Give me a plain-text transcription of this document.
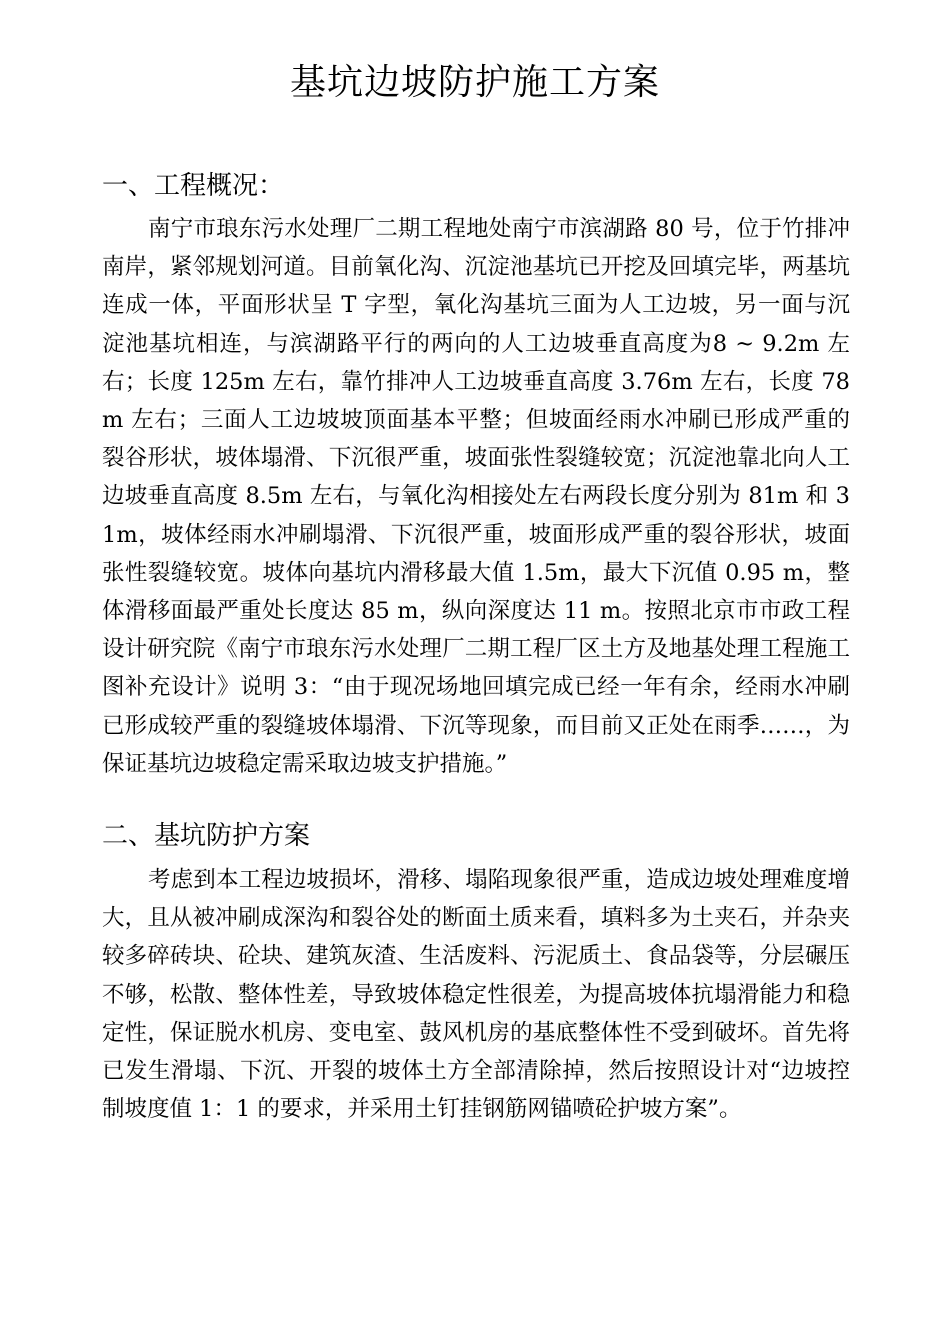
基坑边坡防护施工方案
一、工程概况：

南宁市琅东污水处理厂二期工程地处南宁市滨湖路 80 号，位于竹排冲南岸，紧邻规划河道。目前氧化沟、沉淀池基坑已开挖及回填完毕，两基坑连成一体，平面形状呈 T 字型，氧化沟基坑三面为人工边坡，另一面与沉淀池基坑相连，与滨湖路平行的两向的人工边坡垂直高度为8 ~ 9.2m 左右；长度 125m 左右，靠竹排冲人工边坡垂直高度 3.76m 左右，长度 78m 左右；三面人工边坡坡顶面基本平整；但坡面经雨水冲刷已形成严重的裂谷形状，坡体塌滑、下沉很严重，坡面张性裂缝较宽；沉淀池靠北向人工边坡垂直高度 8.5m 左右，与氧化沟相接处左右两段长度分别为 81m 和 31m，坡体经雨水冲刷塌滑、下沉很严重，坡面形成严重的裂谷形状，坡面张性裂缝较宽。坡体向基坑内滑移最大值 1.5m，最大下沉值 0.95 m，整体滑移面最严重处长度达 85 m，纵向深度达 11 m。按照北京市市政工程设计研究院《南宁市琅东污水处理厂二期工程厂区土方及地基处理工程施工图补充设计》说明 3：“由于现况场地回填完成已经一年有余，经雨水冲刷已形成较严重的裂缝坡体塌滑、下沉等现象，而目前又正处在雨季……，为保证基坑边坡稳定需采取边坡支护措施。”

二、基坑防护方案

考虑到本工程边坡损坏，滑移、塌陷现象很严重，造成边坡处理难度增大，且从被冲刷成深沟和裂谷处的断面土质来看，填料多为土夹石，并杂夹较多碎砖块、砼块、建筑灰渣、生活废料、污泥质土、食品袋等，分层碾压不够，松散、整体性差，导致坡体稳定性很差，为提高坡体抗塌滑能力和稳定性，保证脱水机房、变电室、鼓风机房的基底整体性不受到破坏。首先将已发生滑塌、下沉、开裂的坡体土方全部清除掉，然后按照设计对“边坡控制坡度值 1：1 的要求，并采用土钉挂钢筋网锚喷砼护坡方案”。
